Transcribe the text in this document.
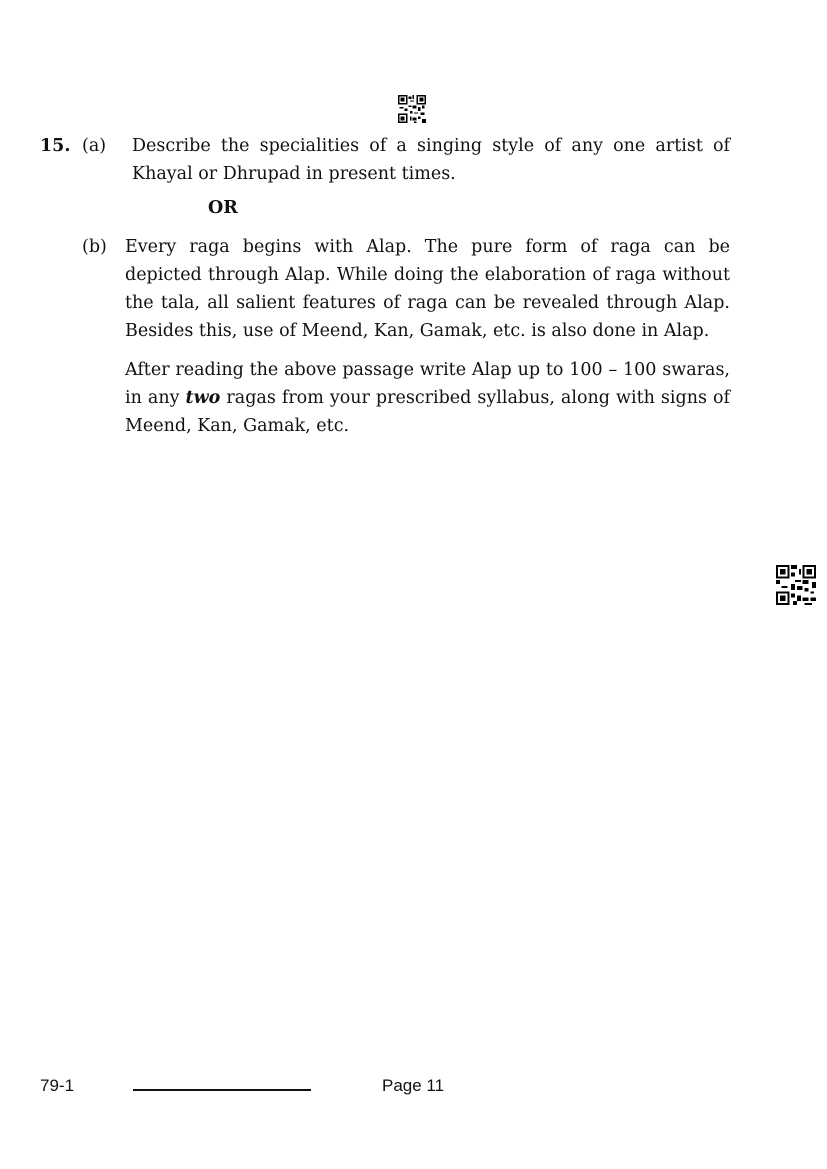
15. (a) Describe the specialities of a singing style of any one artist of Khayal or Dhrupad in present times.
OR
(b) Every raga begins with Alap. The pure form of raga can be depicted through Alap. While doing the elaboration of raga without the tala, all salient features of raga can be revealed through Alap. Besides this, use of Meend, Kan, Gamak, etc. is also done in Alap.

After reading the above passage write Alap up to 100 – 100 swaras, in any two ragas from your prescribed syllabus, along with signs of Meend, Kan, Gamak, etc.

79-1	Page 11
